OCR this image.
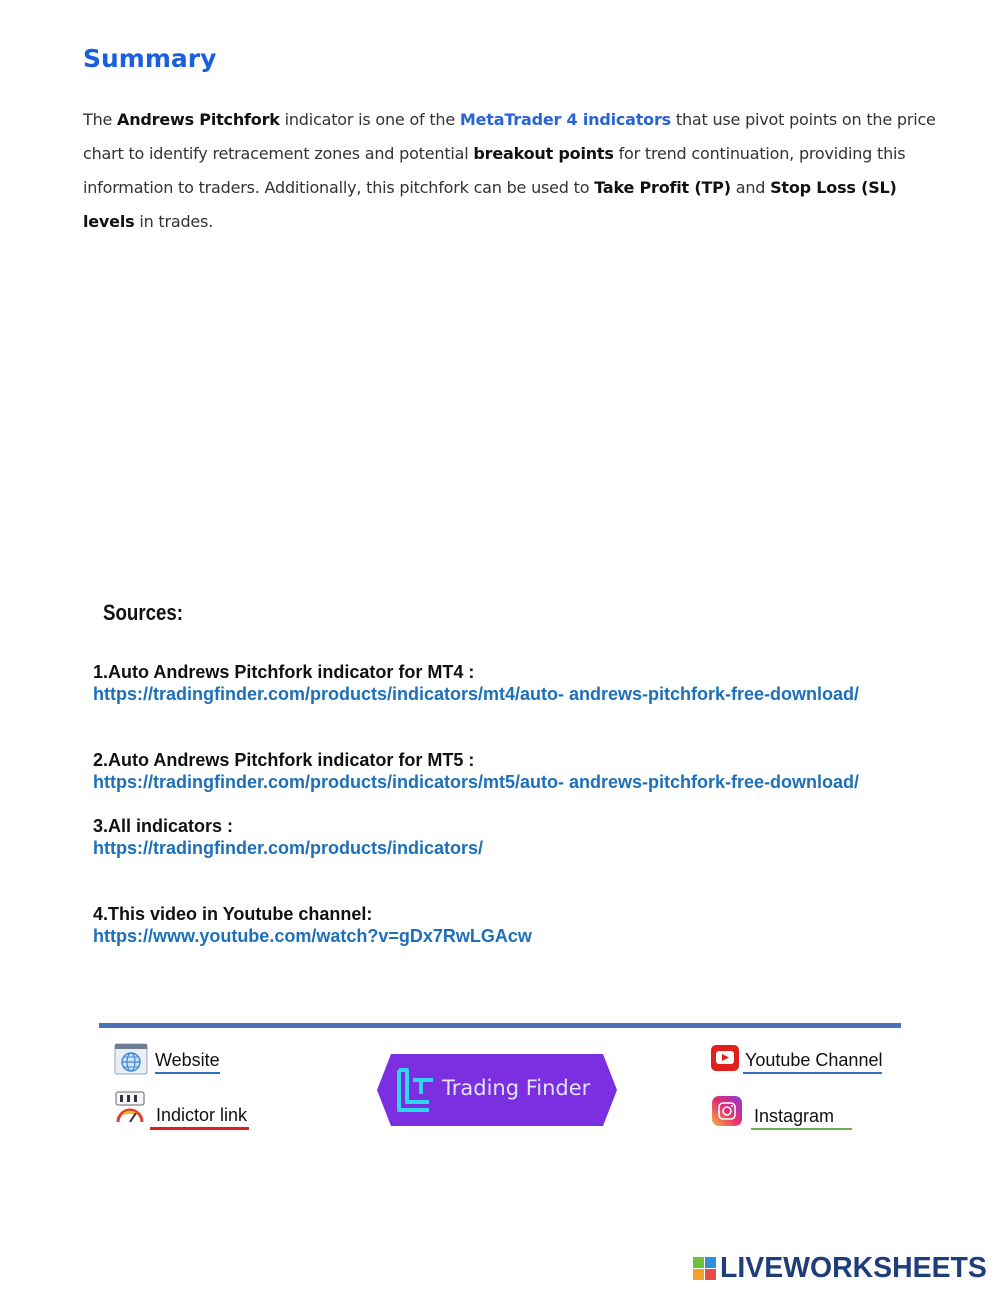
Summary

The Andrews Pitchfork indicator is one of the MetaTrader 4 indicators that use pivot points on the price chart to identify retracement zones and potential breakout points for trend continuation, providing this information to traders. Additionally, this pitchfork can be used to Take Profit (TP) and Stop Loss (SL) levels in trades.

Sources:
1.Auto Andrews Pitchfork indicator for MT4 :
https://tradingfinder.com/products/indicators/mt4/auto- andrews-pitchfork-free-download/
2.Auto Andrews Pitchfork indicator for MT5 :
https://tradingfinder.com/products/indicators/mt5/auto- andrews-pitchfork-free-download/
3.All indicators :
https://tradingfinder.com/products/indicators/
4.This video in Youtube channel:
https://www.youtube.com/watch?v=gDx7RwLGAcw
Website
Indictor link
Trading Finder
Youtube Channel
Instagram
LIVEWORKSHEETS
